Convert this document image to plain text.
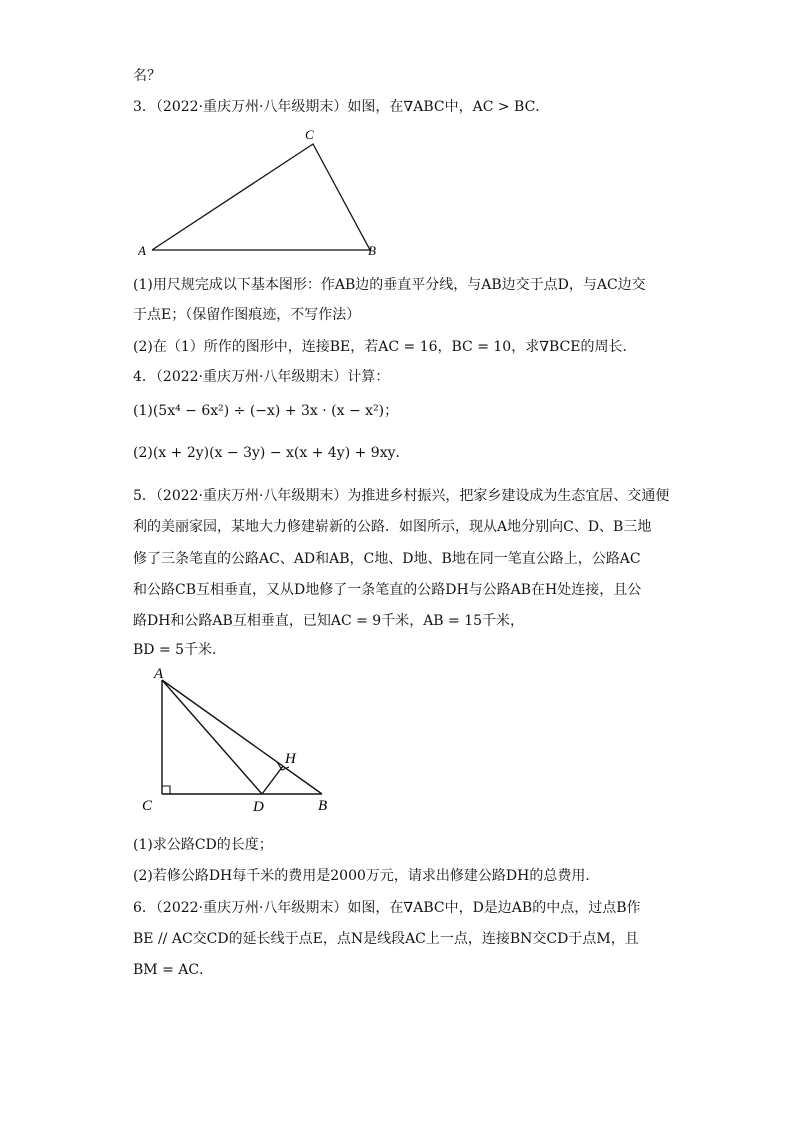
名？
3．（2022·重庆万州·八年级期末）如图，在∇ABC中，AC > BC．
A
C
B
(1)用尺规完成以下基本图形：作AB边的垂直平分线，与AB边交于点D，与AC边交
于点E；（保留作图痕迹，不写作法）
(2)在（1）所作的图形中，连接BE，若AC = 16，BC = 10，求∇BCE的周长．
4．（2022·重庆万州·八年级期末）计算：
(1)(5x⁴ − 6x²) ÷ (−x) + 3x · (x − x²)；
(2)(x + 2y)(x − 3y) − x(x + 4y) + 9xy．
5．（2022·重庆万州·八年级期末）为推进乡村振兴，把家乡建设成为生态宜居、交通便
利的美丽家园，某地大力修建崭新的公路．如图所示，现从A地分别向C、D、B三地
修了三条笔直的公路AC、AD和AB，C地、D地、B地在同一笔直公路上，公路AC
和公路CB互相垂直，又从D地修了一条笔直的公路DH与公路AB在H处连接，且公
路DH和公路AB互相垂直，已知AC = 9千米，AB = 15千米，
BD = 5千米．
A
C	D	B
H
(1)求公路CD的长度；
(2)若修公路DH每千米的费用是2000万元，请求出修建公路DH的总费用．
6．（2022·重庆万州·八年级期末）如图，在∇ABC中，D是边AB的中点，过点B作
BE // AC交CD的延长线于点E，点N是线段AC上一点，连接BN交CD于点M，且
BM = AC．
